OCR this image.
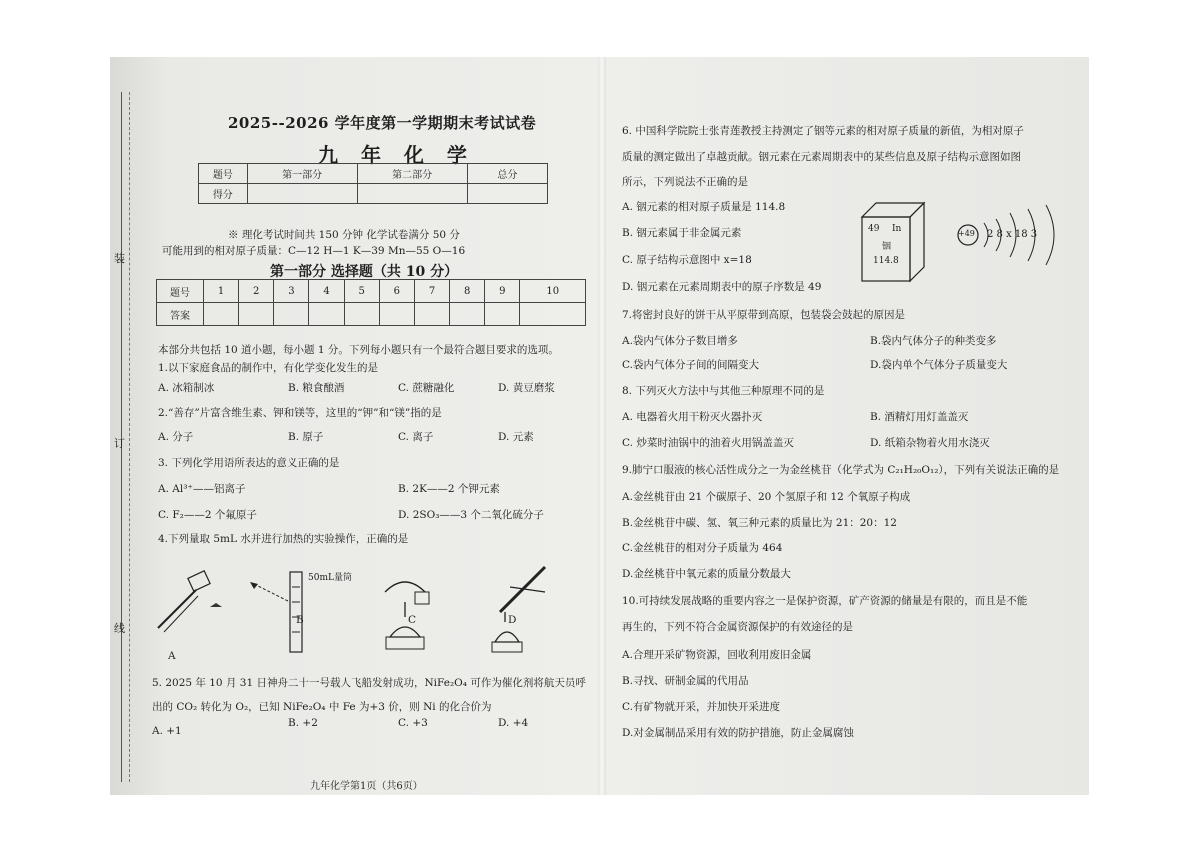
装
订
线
2025--2026 学年度第一学期期末考试试卷
九 年 化 学
题号	第一部分	第二部分	总分
得分			
※ 理化考试时间共 150 分钟 化学试卷满分 50 分
可能用到的相对原子质量：C—12 H—1 K—39 Mn—55 O—16
第一部分 选择题（共 10 分）
题号	1	2	3	4	5	6	7	8	9	10
答案										
本部分共包括 10 道小题，每小题 1 分。下列每小题只有一个最符合题目要求的选项。
1.以下家庭食品的制作中，有化学变化发生的是
A. 冰箱制冰	B. 粮食酿酒	C. 蔗糖融化	D. 黄豆磨浆
2.“善存”片富含维生素、钾和镁等，这里的“钾”和“镁”指的是
A. 分子	B. 原子	C. 离子	D. 元素
3. 下列化学用语所表达的意义正确的是
A. Al³⁺——铝离子	B. 2K——2 个钾元素
C. F₂——2 个氟原子	D. 2SO₃——3 个二氧化硫分子
4.下列量取 5mL 水并进行加热的实验操作，正确的是
50mL量筒
A
B	C	D
5. 2025 年 10 月 31 日神舟二十一号载人飞船发射成功，NiFe₂O₄ 可作为催化剂将航天员呼
出的 CO₂ 转化为 O₂，已知 NiFe₂O₄ 中 Fe 为+3 价，则 Ni 的化合价为
A. +1
B. +2	C. +3	D. +4
九年化学第1页（共6页）
6. 中国科学院院士张青莲教授主持测定了铟等元素的相对原子质量的新值，为相对原子
质量的测定做出了卓越贡献。铟元素在元素周期表中的某些信息及原子结构示意图如图
所示，下列说法不正确的是
A. 铟元素的相对原子质量是 114.8
B. 铟元素属于非金属元素
C. 原子结构示意图中 x=18
D. 铟元素在元素周期表中的原子序数是 49
49 In
铟
114.8
+49 2 8 x 18 3
7.将密封良好的饼干从平原带到高原，包装袋会鼓起的原因是
A.袋内气体分子数目增多	B.袋内气体分子的种类变多
C.袋内气体分子间的间隔变大	D.袋内单个气体分子质量变大
8. 下列灭火方法中与其他三种原理不同的是
A. 电器着火用干粉灭火器扑灭	B. 酒精灯用灯盖盖灭
C. 炒菜时油锅中的油着火用锅盖盖灭	D. 纸箱杂物着火用水浇灭
9.肺宁口服液的核心活性成分之一为金丝桃苷（化学式为 C₂₁H₂₀O₁₂），下列有关说法正确的是
A.金丝桃苷由 21 个碳原子、20 个氢原子和 12 个氧原子构成
B.金丝桃苷中碳、氢、氧三种元素的质量比为 21：20：12
C.金丝桃苷的相对分子质量为 464
D.金丝桃苷中氧元素的质量分数最大
10.可持续发展战略的重要内容之一是保护资源，矿产资源的储量是有限的，而且是不能
再生的，下列不符合金属资源保护的有效途径的是
A.合理开采矿物资源，回收利用废旧金属
B.寻找、研制金属的代用品
C.有矿物就开采，并加快开采进度
D.对金属制品采用有效的防护措施，防止金属腐蚀
